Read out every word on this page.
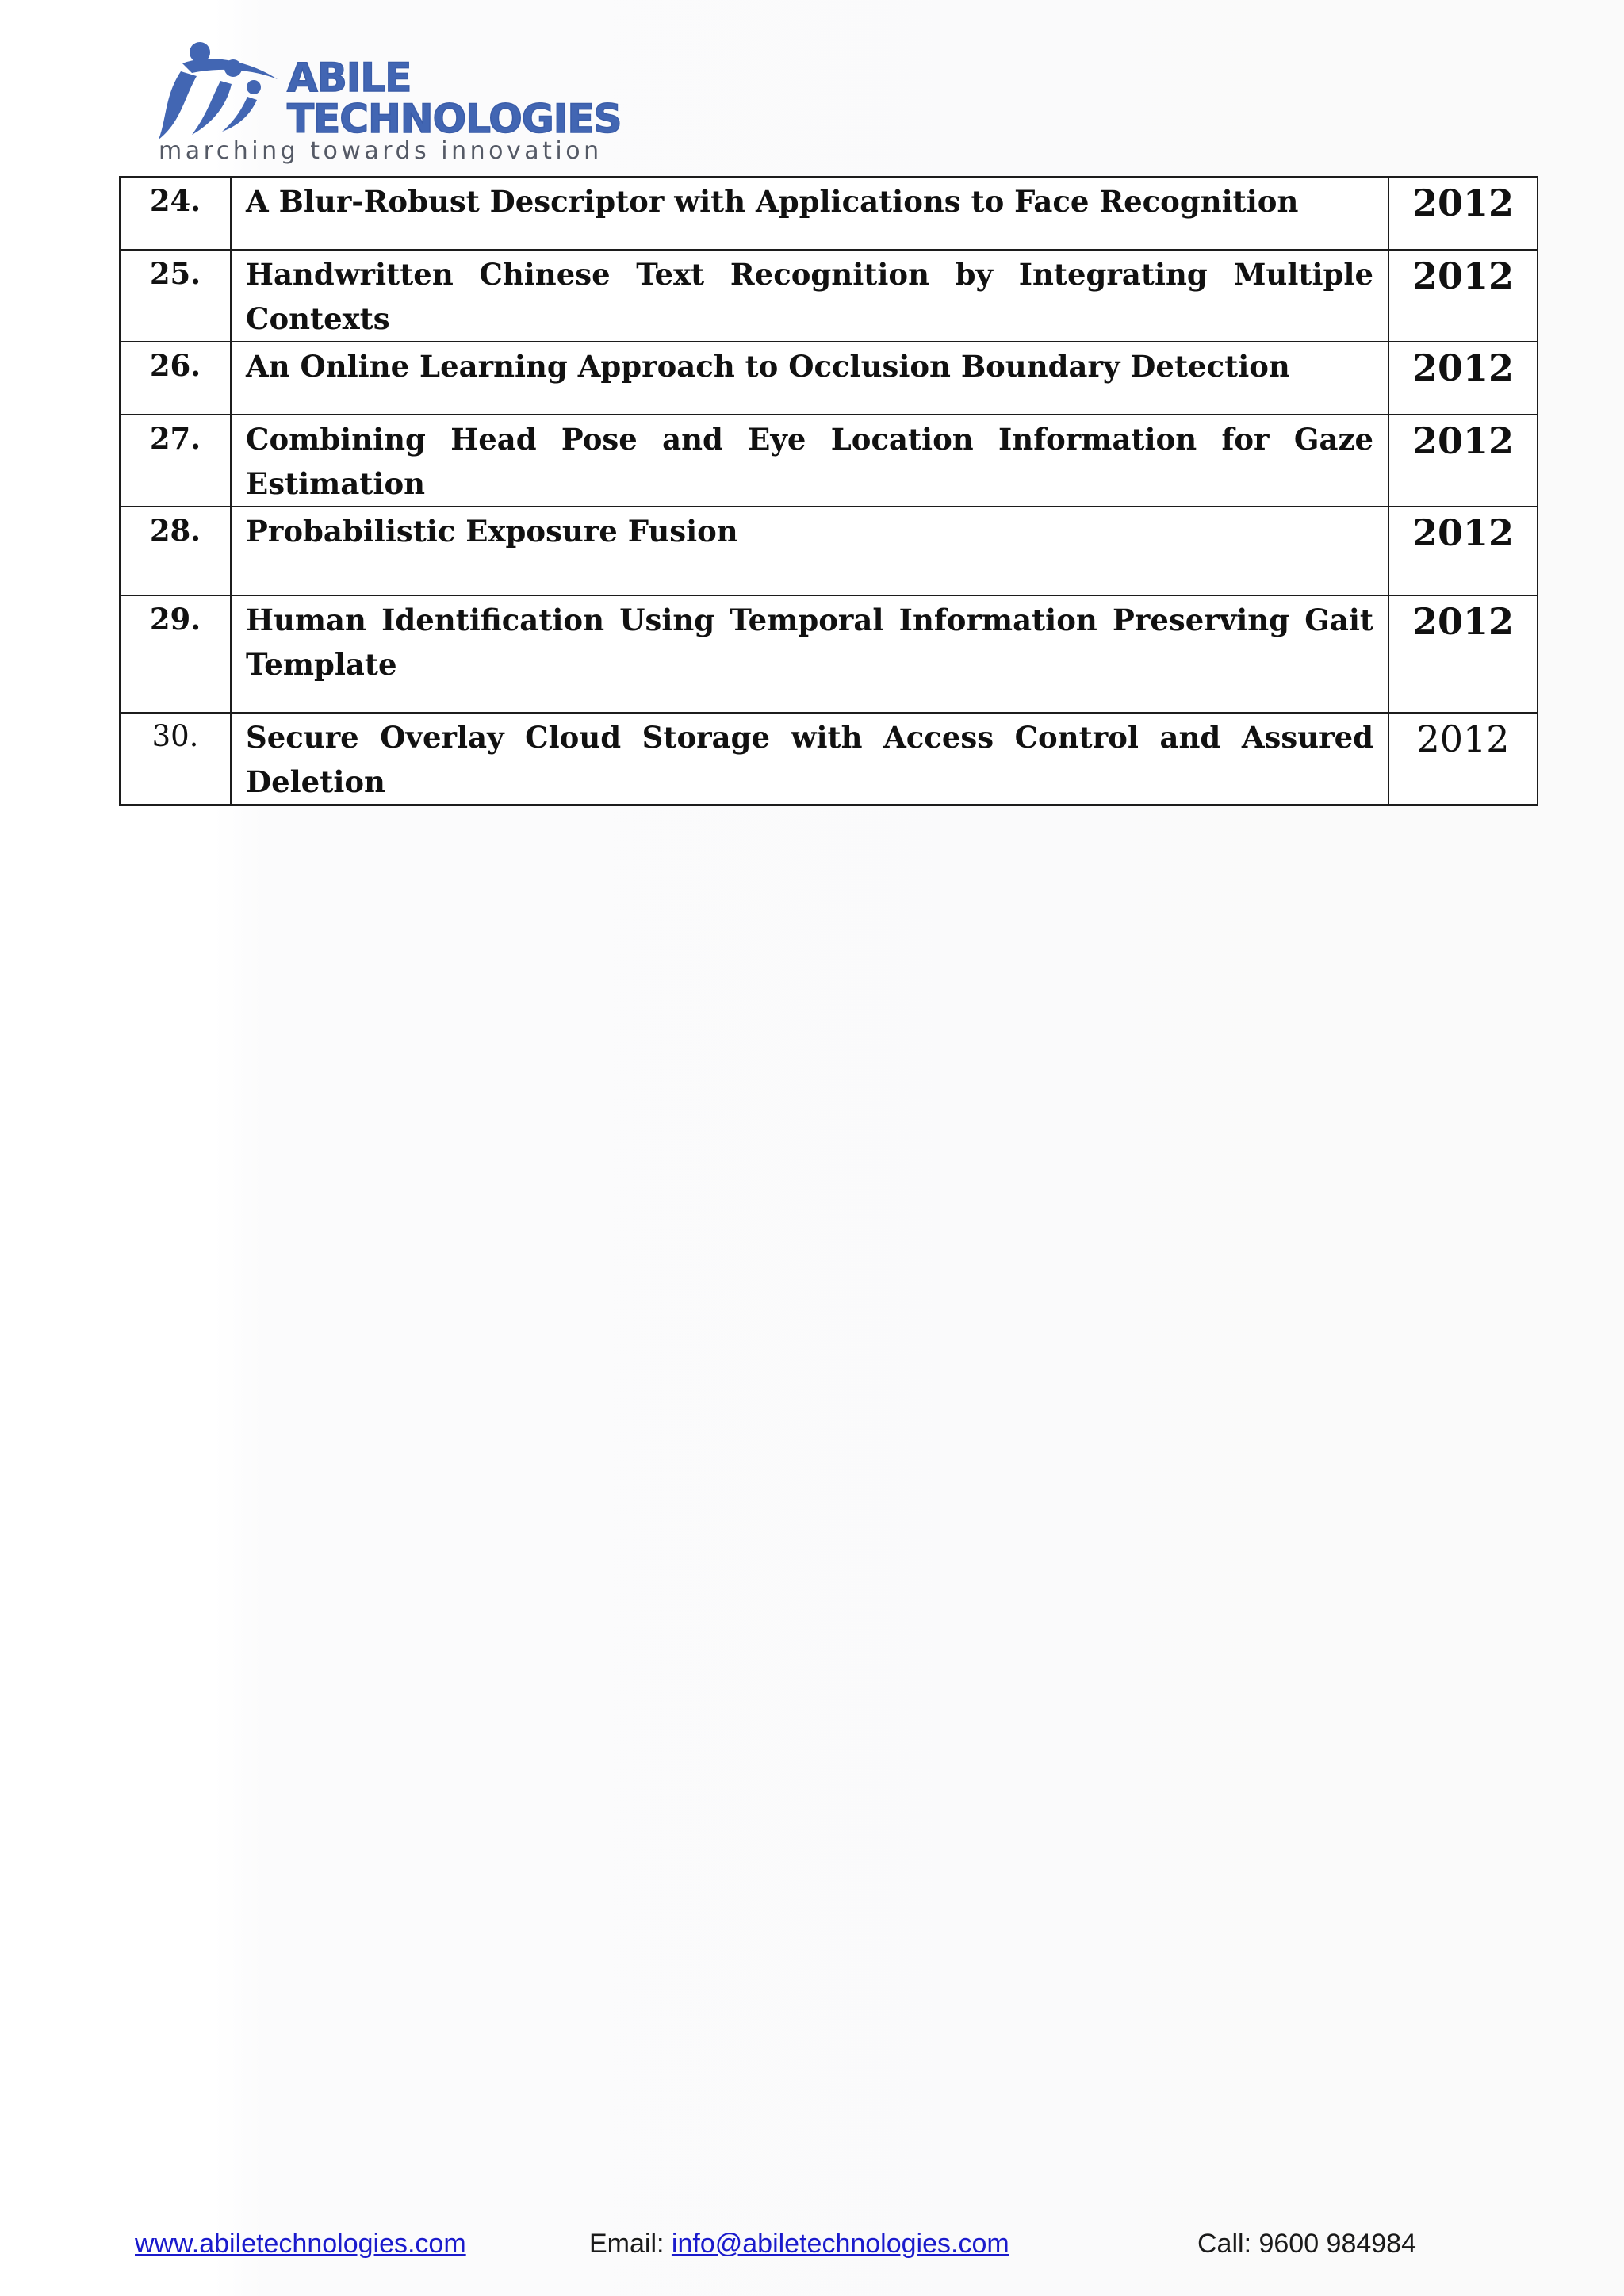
ABILE
TECHNOLOGIES
marching towards innovation
24.	A Blur-Robust Descriptor with Applications to Face Recognition	2012
25.	Handwritten Chinese Text Recognition by Integrating Multiple Contexts	2012
26.	An Online Learning Approach to Occlusion Boundary Detection	2012
27.	Combining Head Pose and Eye Location Information for Gaze Estimation	2012
28.	Probabilistic Exposure Fusion	2012
29.	Human Identification Using Temporal Information Preserving Gait Template	2012
30.	Secure Overlay Cloud Storage with Access Control and Assured Deletion	2012
www.abiletechnologies.com	Email: info@abiletechnologies.com	Call: 9600 984984
